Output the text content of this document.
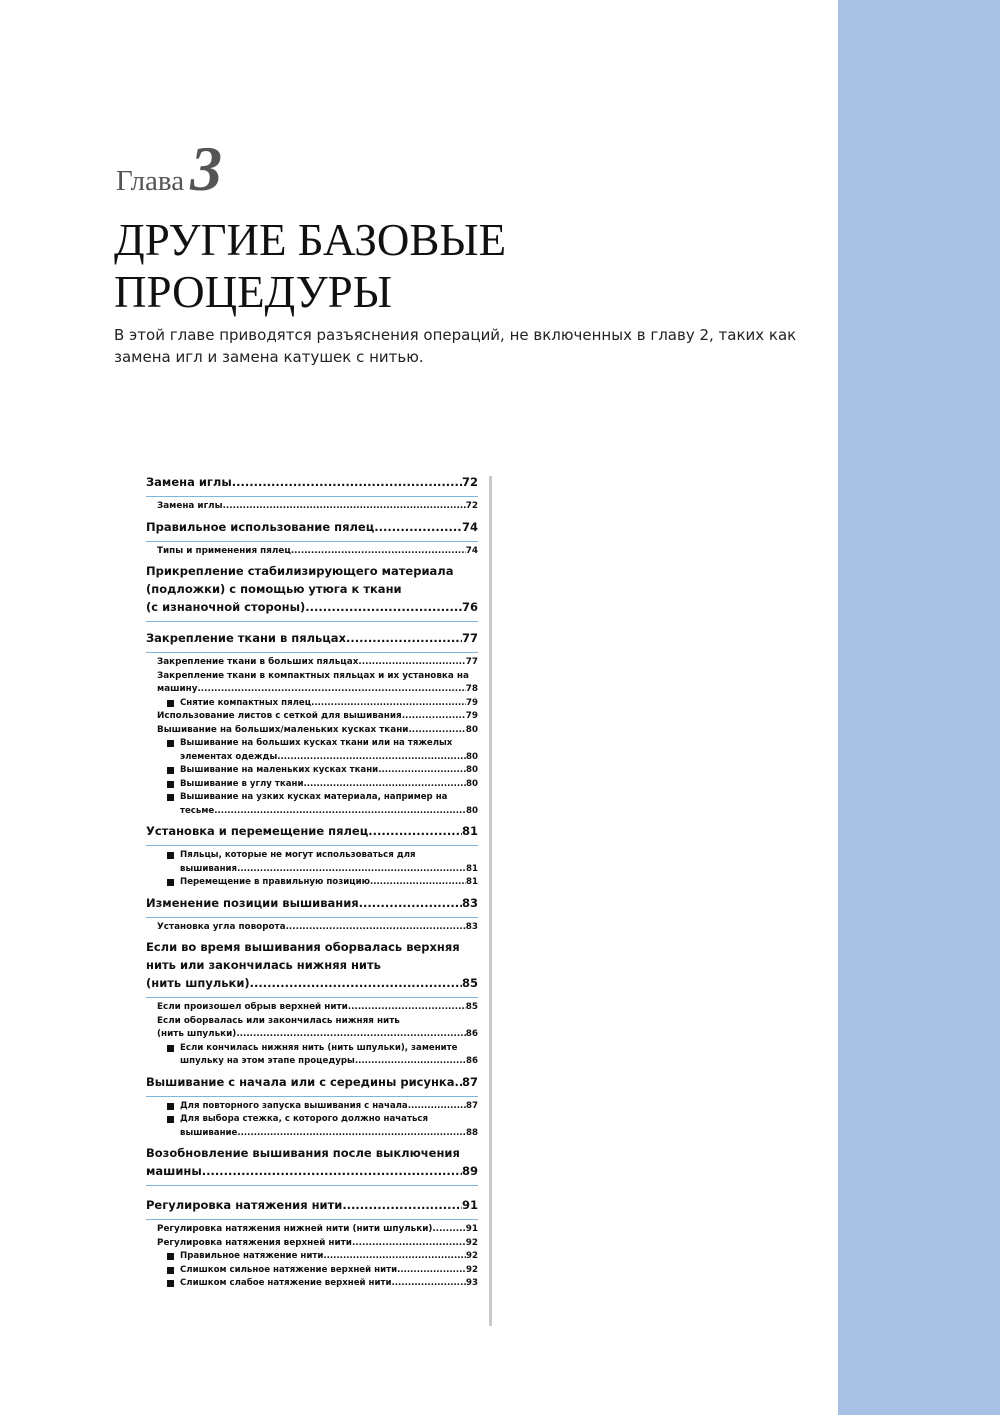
Глава3
ДРУГИЕ БАЗОВЫЕ
ПРОЦЕДУРЫ
В этой главе приводятся разъяснения операций, не включенных в главу 2, таких как
замена игл и замена катушек с нитью.
Замена иглы .....	72
Замена иглы .....	72
Правильное использование пялец .....	74
Типы и применения пялец .....	74
Прикрепление стабилизирующего материала
(подложки) с помощью утюга к ткани
(с изнаночной стороны) .....	76
Закрепление ткани в пяльцах .....	77
Закрепление ткани в больших пяльцах .....	77
Закрепление ткани в компактных пяльцах и их установка на
машину .....	78
Снятие компактных пялец .....	79
Использование листов с сеткой для вышивания .....	79
Вышивание на больших/маленьких кусках ткани .....	80
Вышивание на больших кусках ткани или на тяжелых
элементах одежды .....	80
Вышивание на маленьких кусках ткани .....	80
Вышивание в углу ткани .....	80
Вышивание на узких кусках материала, например на
тесьме .....	80
Установка и перемещение пялец .....	81
Пяльцы, которые не могут использоваться для
вышивания .....	81
Перемещение в правильную позицию .....	81
Изменение позиции вышивания .....	83
Установка угла поворота .....	83
Если во время вышивания оборвалась верхняя
нить или закончилась нижняя нить
(нить шпульки) .....	85
Если произошел обрыв верхней нити .....	85
Если оборвалась или закончилась нижняя нить
(нить шпульки) .....	86
Если кончилась нижняя нить (нить шпульки), замените
шпульку на этом этапе процедуры. .....	86
Вышивание с начала или с середины рисунка ..... 87
Для повторного запуска вышивания с начала .....	87
Для выбора стежка, с которого должно начаться
вышивание .....	88
Возобновление вышивания после выключения
машины .....	89
Регулировка натяжения нити .....	91
Регулировка натяжения нижней нити (нити шпульки) .....	91
Регулировка натяжения верхней нити .....	92
Правильное натяжение нити .....	92
Слишком сильное натяжение верхней нити .....	92
Слишком слабое натяжение верхней нити .....	93
